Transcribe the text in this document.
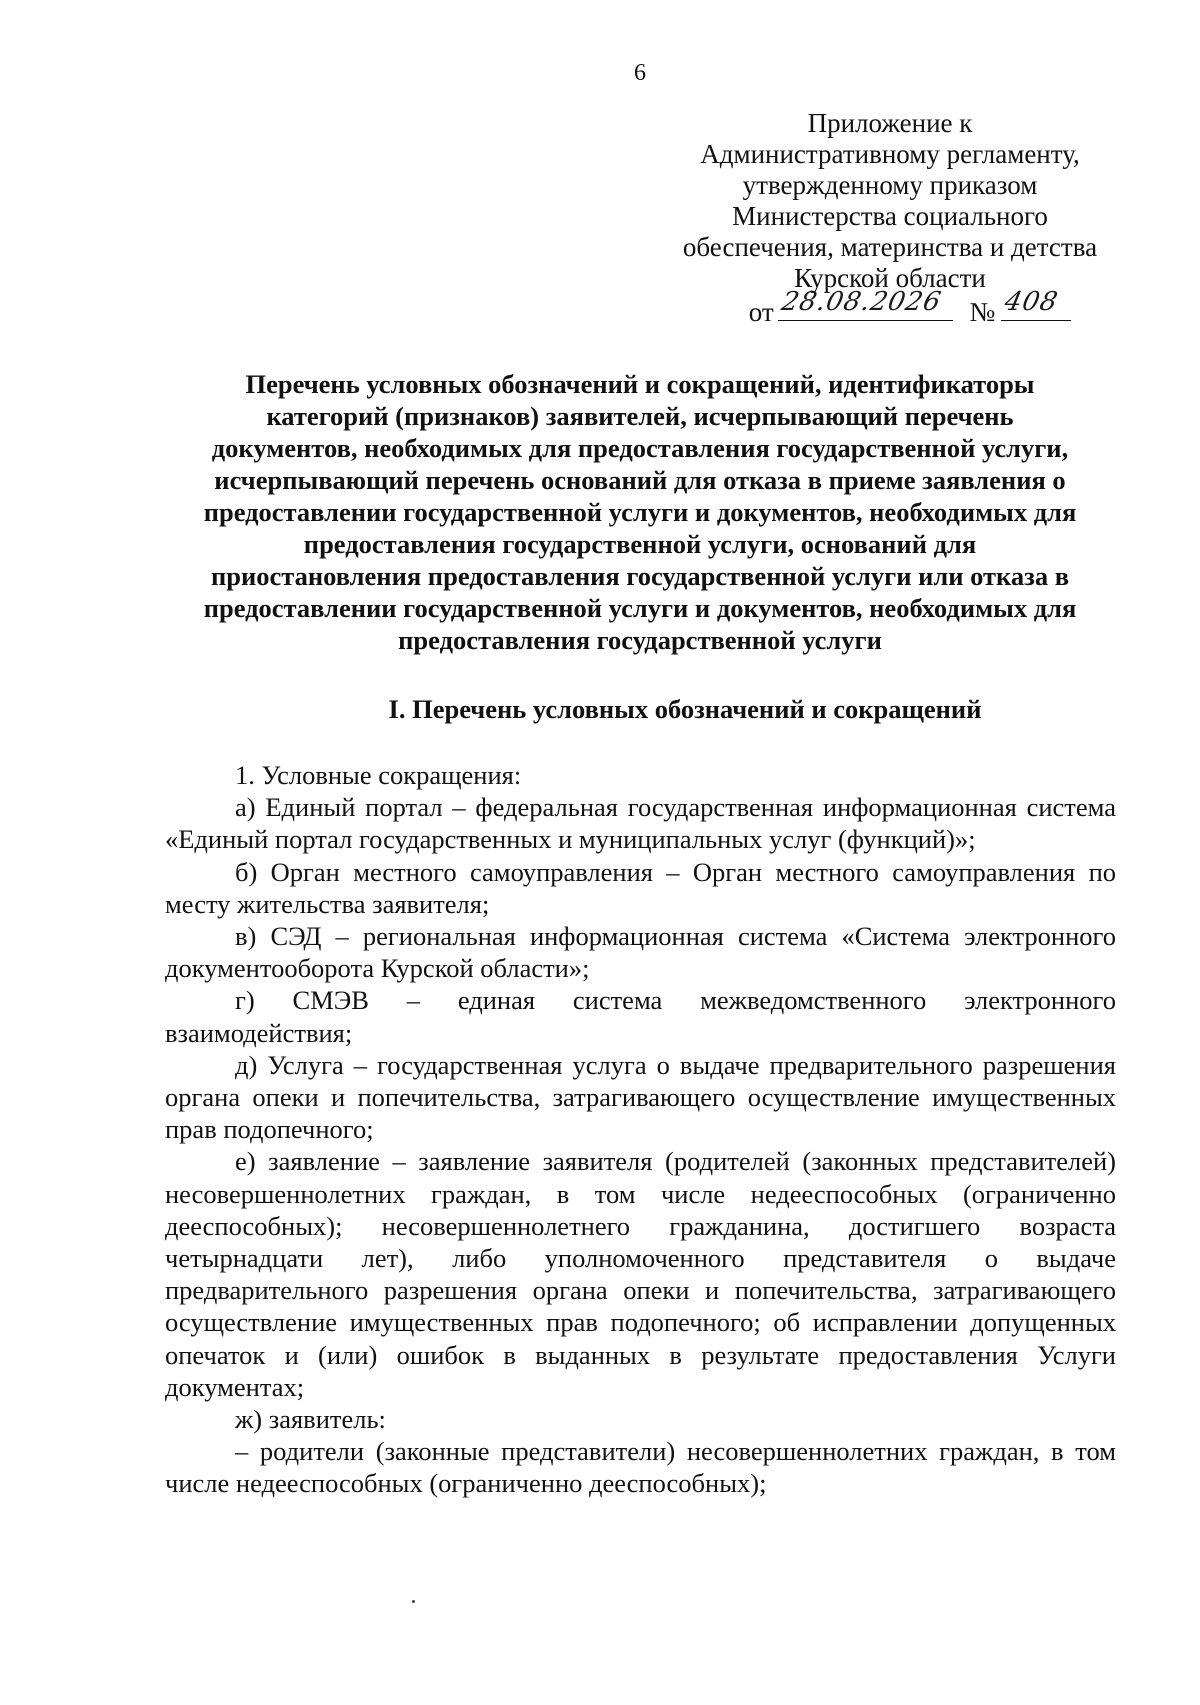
6
Приложение к
Административному регламенту,
утвержденному приказом
Министерства социального
обеспечения, материнства и детства
Курской области
от 28.08.2026 № 408
Перечень условных обозначений и сокращений, идентификаторы
категорий (признаков) заявителей, исчерпывающий перечень
документов, необходимых для предоставления государственной услуги,
исчерпывающий перечень оснований для отказа в приеме заявления о
предоставлении государственной услуги и документов, необходимых для
предоставления государственной услуги, оснований для
приостановления предоставления государственной услуги или отказа в
предоставлении государственной услуги и документов, необходимых для
предоставления государственной услуги
I. Перечень условных обозначений и сокращений

1. Условные сокращения:

а) Единый портал – федеральная государственная информационная система «Единый портал государственных и муниципальных услуг (функций)»;

б) Орган местного самоуправления – Орган местного самоуправления по месту жительства заявителя;

в) СЭД – региональная информационная система «Система электронного документооборота Курской области»;

г) СМЭВ – единая система межведомственного электронного взаимодействия;

д) Услуга – государственная услуга о выдаче предварительного разрешения органа опеки и попечительства, затрагивающего осуществление имущественных прав подопечного;

е) заявление – заявление заявителя (родителей (законных представителей) несовершеннолетних граждан, в том числе недееспособных (ограниченно дееспособных); несовершеннолетнего гражданина, достигшего возраста четырнадцати лет), либо уполномоченного представителя о выдаче предварительного разрешения органа опеки и попечительства, затрагивающего осуществление имущественных прав подопечного; об исправлении допущенных опечаток и (или) ошибок в выданных в результате предоставления Услуги документах;

ж) заявитель:

– родители (законные представители) несовершеннолетних граждан, в том числе недееспособных (ограниченно дееспособных);
